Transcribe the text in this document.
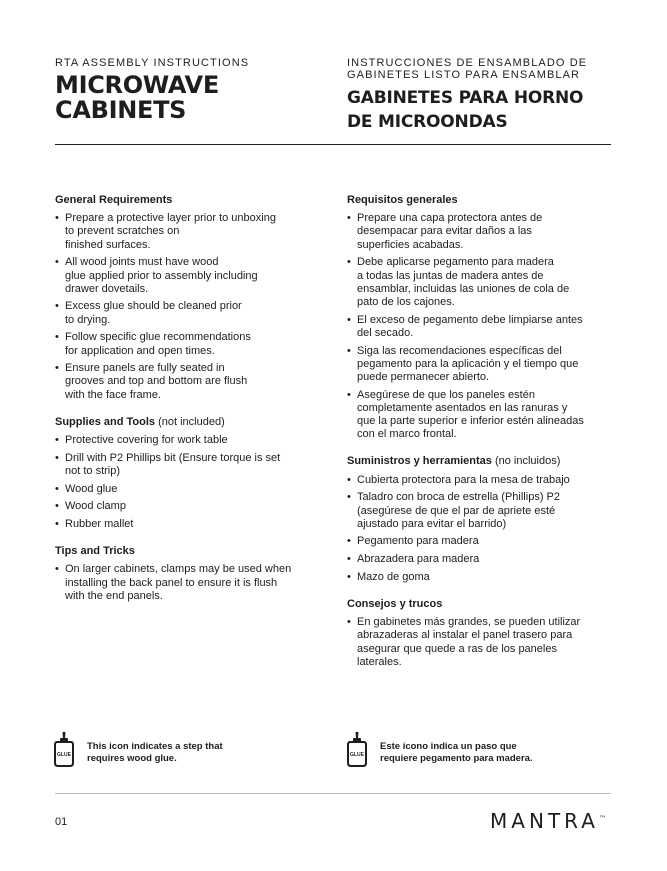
RTA ASSEMBLY INSTRUCTIONS
MICROWAVE
CABINETS
INSTRUCCIONES DE ENSAMBLADO DE
GABINETES LISTO PARA ENSAMBLAR
GABINETES PARA HORNO
DE MICROONDAS
General Requirements
• Prepare a protective layer prior to unboxing
to prevent scratches on
finished surfaces.
• All wood joints must have wood
glue applied prior to assembly including
drawer dovetails.
• Excess glue should be cleaned prior
to drying.
• Follow specific glue recommendations
for application and open times.
• Ensure panels are fully seated in
grooves and top and bottom are flush
with the face frame.
Supplies and Tools (not included)
• Protective covering for work table
• Drill with P2 Phillips bit (Ensure torque is set
not to strip)
• Wood glue
• Wood clamp
• Rubber mallet
Tips and Tricks
• On larger cabinets, clamps may be used when
installing the back panel to ensure it is flush
with the end panels.
Requisitos generales
• Prepare una capa protectora antes de
desempacar para evitar daños a las
superficies acabadas.
• Debe aplicarse pegamento para madera
a todas las juntas de madera antes de
ensamblar, incluidas las uniones de cola de
pato de los cajones.
• El exceso de pegamento debe limpiarse antes
del secado.
• Siga las recomendaciones específicas del
pegamento para la aplicación y el tiempo que
puede permanecer abierto.
• Asegúrese de que los paneles estén
completamente asentados en las ranuras y
que la parte superior e inferior estén alineadas
con el marco frontal.
Suministros y herramientas (no incluidos)
• Cubierta protectora para la mesa de trabajo
• Taladro con broca de estrella (Phillips) P2
(asegúrese de que el par de apriete esté
ajustado para evitar el barrido)
• Pegamento para madera
• Abrazadera para madera
• Mazo de goma
Consejos y trucos
• En gabinetes más grandes, se pueden utilizar
abrazaderas al instalar el panel trasero para
asegurar que quede a ras de los paneles
laterales.
GLUE
This icon indicates a step that
requires wood glue.	GLUE
Este ícono indica un paso que
requiere pegamento para madera.
01	MANTRA™
